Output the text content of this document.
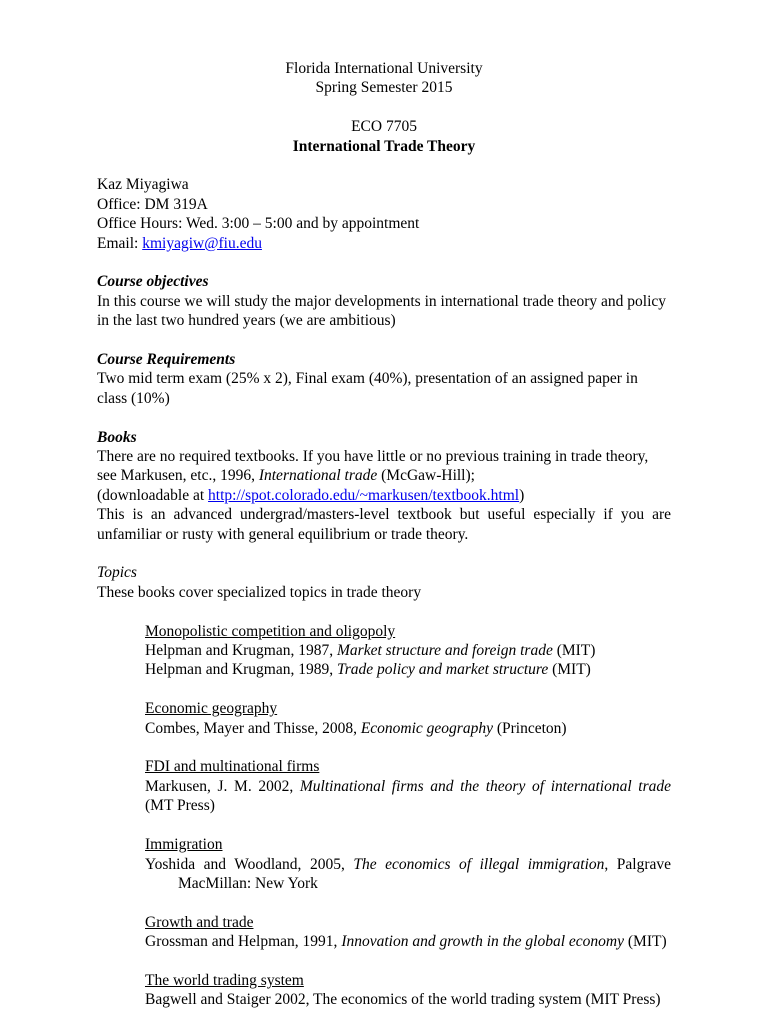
Florida International University

Spring Semester 2015

ECO 7705

International Trade Theory

Kaz Miyagiwa

Office: DM 319A

Office Hours: Wed. 3:00 – 5:00 and by appointment

Email: kmiyagiw@fiu.edu

Course objectives

In this course we will study the major developments in international trade theory and policy in the last two hundred years (we are ambitious)

Course Requirements

Two mid term exam (25% x 2), Final exam (40%), presentation of an assigned paper in class (10%)

Books

There are no required textbooks. If you have little or no previous training in trade theory, see Markusen, etc., 1996, International trade (McGaw-Hill);

(downloadable at http://spot.colorado.edu/~markusen/textbook.html)

This is an advanced undergrad/masters-level textbook but useful especially if you are unfamiliar or rusty with general equilibrium or trade theory.

Topics

These books cover specialized topics in trade theory

Monopolistic competition and oligopoly

Helpman and Krugman, 1987, Market structure and foreign trade (MIT)

Helpman and Krugman, 1989, Trade policy and market structure (MIT)

Economic geography

Combes, Mayer and Thisse, 2008, Economic geography (Princeton)

FDI and multinational firms

Markusen, J. M. 2002, Multinational firms and the theory of international trade (MT Press)

Immigration

Yoshida and Woodland, 2005, The economics of illegal immigration, Palgrave MacMillan: New York

Growth and trade

Grossman and Helpman, 1991, Innovation and growth in the global economy (MIT)

The world trading system

Bagwell and Staiger 2002, The economics of the world trading system (MIT Press)
